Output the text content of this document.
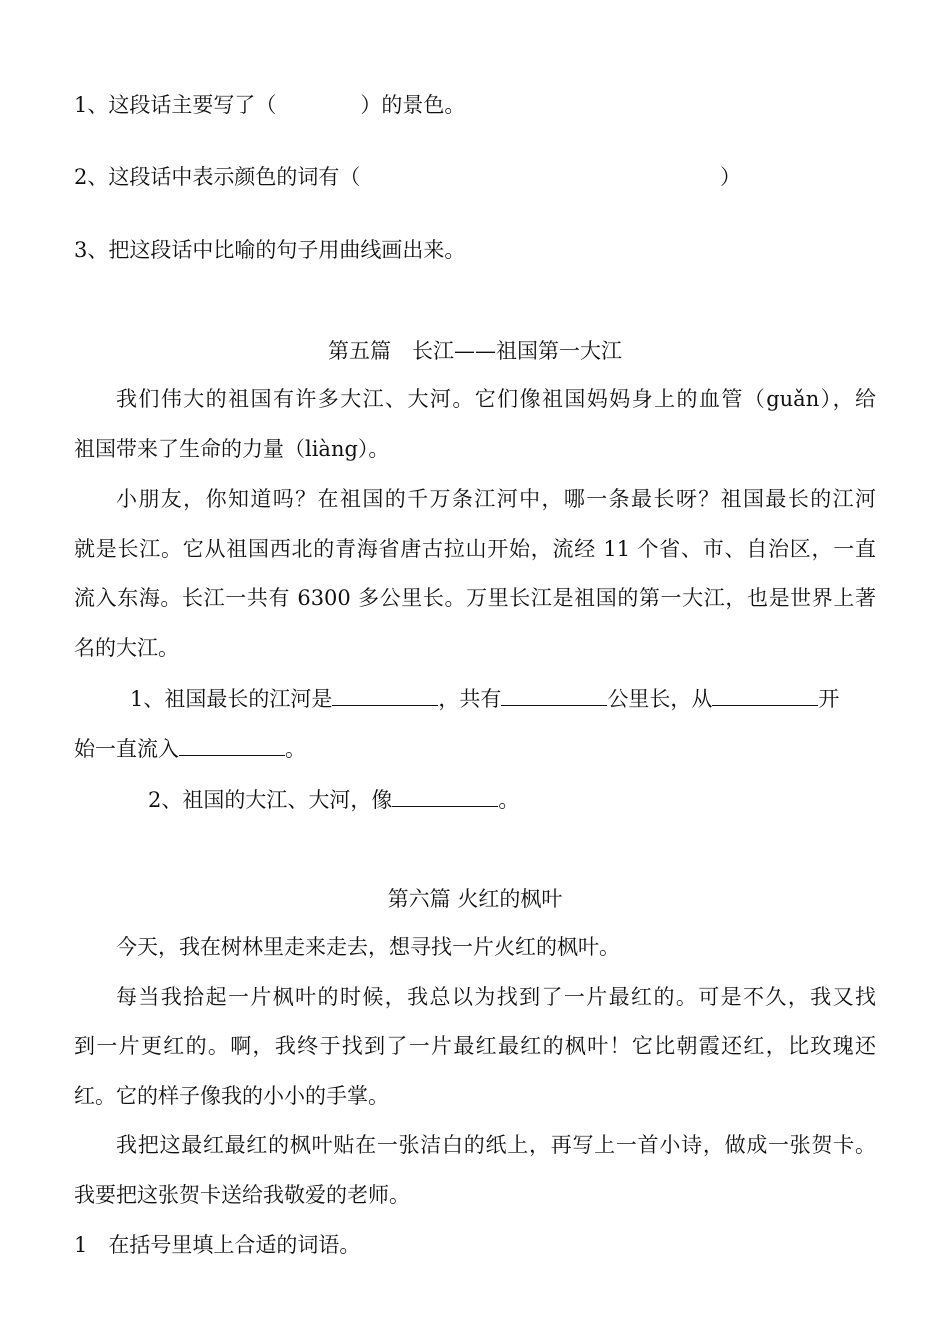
1、这段话主要写了（　　　　）的景色。
2、这段话中表示颜色的词有（	）
3、把这段话中比喻的句子用曲线画出来。
第五篇　长江——祖国第一大江
我们伟大的祖国有许多大江、大河。它们像祖国妈妈身上的血管（guǎn），给
祖国带来了生命的力量（liàng）。
小朋友，你知道吗？在祖国的千万条江河中，哪一条最长呀？祖国最长的江河
就是长江。它从祖国西北的青海省唐古拉山开始，流经 11 个省、市、自治区，一直
流入东海。长江一共有 6300 多公里长。万里长江是祖国的第一大江，也是世界上著
名的大江。
1、祖国最长的江河是	，共有	公里长，从	开
始一直流入	。
2、祖国的大江、大河，像	。
第六篇 火红的枫叶
今天，我在树林里走来走去，想寻找一片火红的枫叶。
每当我拾起一片枫叶的时候，我总以为找到了一片最红的。可是不久，我又找
到一片更红的。啊，我终于找到了一片最红最红的枫叶！它比朝霞还红，比玫瑰还
红。它的样子像我的小小的手掌。
我把这最红最红的枫叶贴在一张洁白的纸上，再写上一首小诗，做成一张贺卡。
我要把这张贺卡送给我敬爱的老师。
1　在括号里填上合适的词语。
